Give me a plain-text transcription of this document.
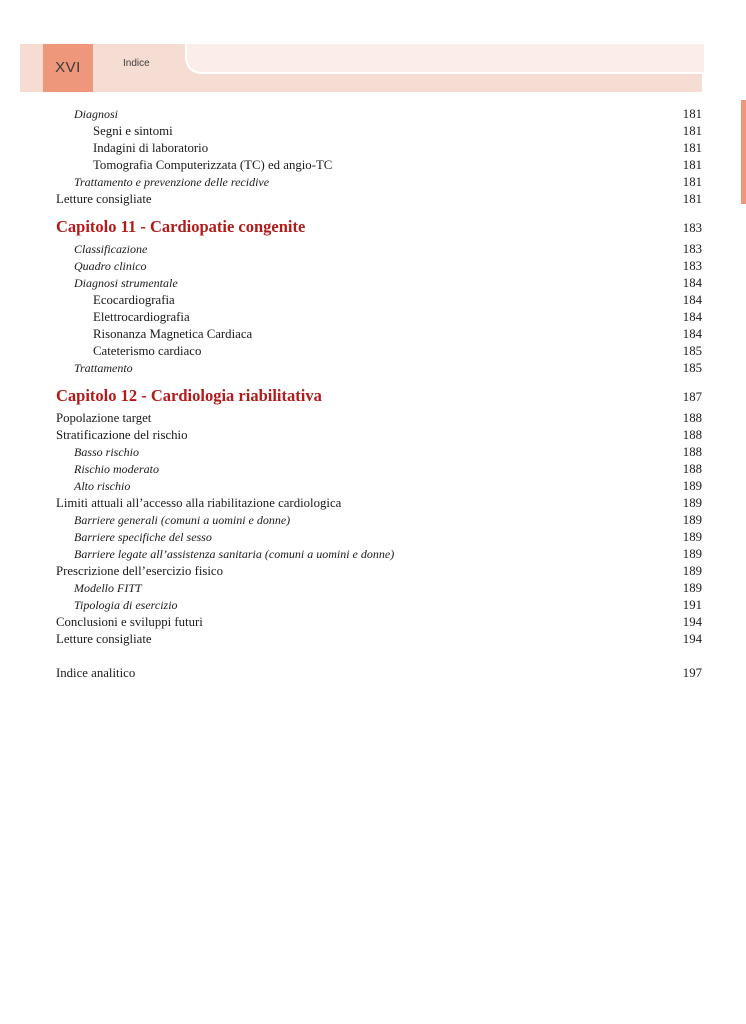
XVI	Indice
Diagnosi	181
Segni e sintomi	181
Indagini di laboratorio	181
Tomografia Computerizzata (TC) ed angio-TC	181
Trattamento e prevenzione delle recidive	181
Letture consigliate	181
Capitolo 11 - Cardiopatie congenite	183
Classificazione	183
Quadro clinico	183
Diagnosi strumentale	184
Ecocardiografia	184
Elettrocardiografia	184
Risonanza Magnetica Cardiaca	184
Cateterismo cardiaco	185
Trattamento	185
Capitolo 12 - Cardiologia riabilitativa	187
Popolazione target	188
Stratificazione del rischio	188
Basso rischio	188
Rischio moderato	188
Alto rischio	189
Limiti attuali all’accesso alla riabilitazione cardiologica	189
Barriere generali (comuni a uomini e donne)	189
Barriere specifiche del sesso	189
Barriere legate all’assistenza sanitaria (comuni a uomini e donne)	189
Prescrizione dell’esercizio fisico	189
Modello FITT	189
Tipologia di esercizio	191
Conclusioni e sviluppi futuri	194
Letture consigliate	194
Indice analitico	197
